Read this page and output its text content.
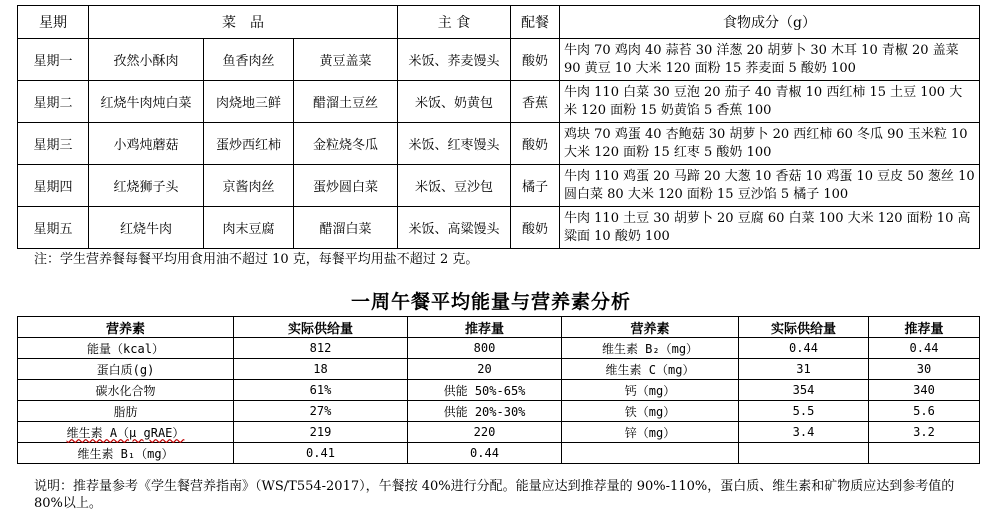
星期	菜　品			主 食	配餐	食物成分（g）
星期一	孜然小酥肉	鱼香肉丝	黄豆盖菜	米饭、荞麦馒头	酸奶	牛肉 70 鸡肉 40 蒜苔 30 洋葱 20 胡萝卜 30 木耳 10 青椒 20 盖菜 90 黄豆 10 大米 120 面粉 15 荞麦面 5 酸奶 100
星期二	红烧牛肉炖白菜	肉烧地三鲜	醋溜土豆丝	米饭、奶黄包	香蕉	牛肉 110 白菜 30 豆泡 20 茄子 40 青椒 10 西红柿 15 土豆 100 大米 120 面粉 15 奶黄馅 5 香蕉 100
星期三	小鸡炖蘑菇	蛋炒西红柿	金粒烧冬瓜	米饭、红枣馒头	酸奶	鸡块 70 鸡蛋 40 杏鲍菇 30 胡萝卜 20 西红柿 60 冬瓜 90 玉米粒 10 大米 120 面粉 15 红枣 5 酸奶 100
星期四	红烧狮子头	京酱肉丝	蛋炒圆白菜	米饭、豆沙包	橘子	牛肉 110 鸡蛋 20 马蹄 20 大葱 10 香菇 10 鸡蛋 10 豆皮 50 葱丝 10 圆白菜 80 大米 120 面粉 15 豆沙馅 5 橘子 100
星期五	红烧牛肉	肉末豆腐	醋溜白菜	米饭、高粱馒头	酸奶	牛肉 110 土豆 30 胡萝卜 20 豆腐 60 白菜 100 大米 120 面粉 10 高粱面 10 酸奶 100
注：学生营养餐每餐平均用食用油不超过 10 克，每餐平均用盐不超过 2 克。
一周午餐平均能量与营养素分析
营养素	实际供给量	推荐量	营养素	实际供给量	推荐量
能量（kcal）	812	800	维生素 B₂（mg）	0.44	0.44
蛋白质(g)	18	20	维生素 C（mg）	31	30
碳水化合物	61%	供能 50%-65%	钙（mg）	354	340
脂肪	27%	供能 20%-30%	铁（mg）	5.5	5.6
维生素 A（μ gRAE）	219	220	锌（mg）	3.4	3.2
维生素 B₁（mg）	0.41	0.44			
说明：推荐量参考《学生餐营养指南》（WS/T554-2017），午餐按 40%进行分配。能量应达到推荐量的 90%-110%，蛋白质、维生素和矿物质应达到参考值的 80%以上。
